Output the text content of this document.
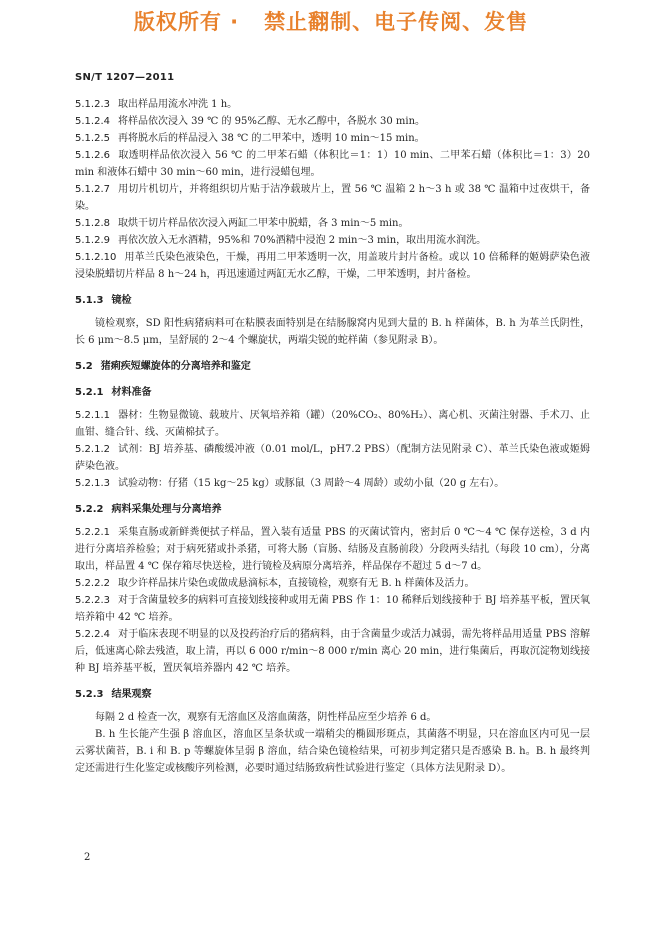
版权所有 ·   禁止翻制、电子传阅、发售
SN/T 1207—2011

5.1.2.3 取出样品用流水冲洗 1 h。

5.1.2.4 将样品依次浸入 39 ℃ 的 95%乙醇、无水乙醇中，各脱水 30 min。

5.1.2.5 再将脱水后的样品浸入 38 ℃ 的二甲苯中，透明 10 min～15 min。

5.1.2.6 取透明样品依次浸入 56 ℃ 的二甲苯石蜡（体积比＝1：1）10 min、二甲苯石蜡（体积比＝1：3）20 min 和液体石蜡中 30 min～60 min，进行浸蜡包埋。

5.1.2.7 用切片机切片，并将组织切片贴于洁净载玻片上，置 56 ℃ 温箱 2 h～3 h 或 38 ℃ 温箱中过夜烘干，备染。

5.1.2.8 取烘干切片样品依次浸入两缸二甲苯中脱蜡，各 3 min～5 min。

5.1.2.9 再依次放入无水酒精，95%和 70%酒精中浸泡 2 min～3 min，取出用流水润洗。

5.1.2.10 用革兰氏染色液染色，干燥，再用二甲苯透明一次，用盖玻片封片备检。或以 10 倍稀释的姬姆萨染色液浸染脱蜡切片样品 8 h～24 h，再迅速通过两缸无水乙醇，干燥，二甲苯透明，封片备检。

5.1.3 镜检

镜检观察，SD 阳性病猪病料可在粘膜表面特别是在结肠腺窝内见到大量的 B. h 样菌体，B. h 为革兰氏阴性，长 6 μm～8.5 μm，呈舒展的 2～4 个螺旋状，两端尖锐的蛇样菌（参见附录 B）。

5.2 猪痢疾短螺旋体的分离培养和鉴定

5.2.1 材料准备

5.2.1.1 器材：生物显微镜、载玻片、厌氧培养箱（罐）（20%CO₂、80%H₂）、离心机、灭菌注射器、手术刀、止血钳、缝合针、线、灭菌棉拭子。

5.2.1.2 试剂：BJ 培养基、磷酸缓冲液（0.01 mol/L，pH7.2 PBS）（配制方法见附录 C）、革兰氏染色液或姬姆萨染色液。

5.2.1.3 试验动物：仔猪（15 kg～25 kg）或豚鼠（3 周龄～4 周龄）或幼小鼠（20 g 左右）。

5.2.2 病料采集处理与分离培养

5.2.2.1 采集直肠或新鲜粪便拭子样品，置入装有适量 PBS 的灭菌试管内，密封后 0 ℃～4 ℃ 保存送检，3 d 内进行分离培养检验；对于病死猪或扑杀猪，可将大肠（盲肠、结肠及直肠前段）分段两头结扎（每段 10 cm），分离取出，样品置 4 ℃ 保存箱尽快送检，进行镜检及病原分离培养，样品保存不超过 5 d～7 d。

5.2.2.2 取少许样品抹片染色或做成悬滴标本，直接镜检，观察有无 B. h 样菌体及活力。

5.2.2.3 对于含菌量较多的病料可直接划线接种或用无菌 PBS 作 1：10 稀释后划线接种于 BJ 培养基平板，置厌氧培养箱中 42 ℃ 培养。

5.2.2.4 对于临床表现不明显的以及投药治疗后的猪病料，由于含菌量少或活力减弱，需先将样品用适量 PBS 溶解后，低速离心除去残渣，取上清，再以 6 000 r/min～8 000 r/min 离心 20 min，进行集菌后，再取沉淀物划线接种 BJ 培养基平板，置厌氧培养器内 42 ℃ 培养。

5.2.3 结果观察

每隔 2 d 检查一次，观察有无溶血区及溶血菌落，阴性样品应至少培养 6 d。

B. h 生长能产生强 β 溶血区，溶血区呈条状或一端稍尖的椭圆形斑点，其菌落不明显，只在溶血区内可见一层云雾状菌苔，B. i 和 B. p 等螺旋体呈弱 β 溶血，结合染色镜检结果，可初步判定猪只是否感染 B. h。B. h 最终判定还需进行生化鉴定或核酸序列检测，必要时通过结肠致病性试验进行鉴定（具体方法见附录 D）。

2
